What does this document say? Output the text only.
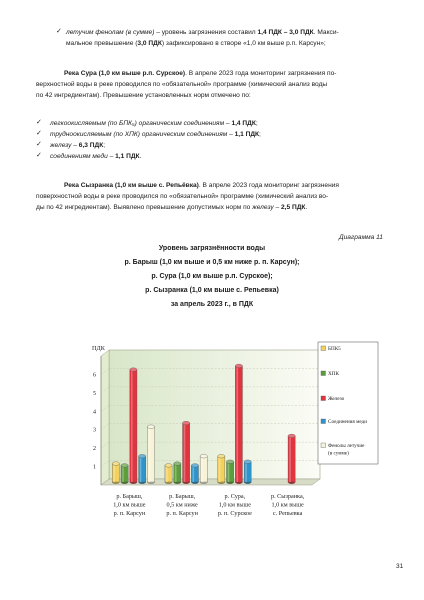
✓ летучим фенолам (в сумме) – уровень загрязнения составил 1,4 ПДК – 3,0 ПДК. Макси-
мальное превышение (3,0 ПДК) зафиксировано в створе «1,0 км выше р.п. Карсун»;
Река Сура (1,0 км выше р.п. Сурское). В апреле 2023 года мониторинг загрязнения по-
верхностной воды в реке проводился по «обязательной» программе (химический анализ воды
по 42 ингредиентам). Превышение установленных норм отмечено по:
✓ легкоокисляемым (по БПК₅) органическим соединениям – 1,4 ПДК;
✓ трудноокисляемым (по ХПК) органическим соединениям – 1,1 ПДК;
✓ железу – 6,3 ПДК;
✓ соединениям меди – 1,1 ПДК.
Река Сызранка (1,0 км выше с. Репьёвка). В апреле 2023 года мониторинг загрязнения
поверхностной воды в реке проводилcя по «обязательной» программе (химический анализ во-
ды по 42 ингредиентам). Выявлено превышение допустимых норм по железу – 2,5 ПДК.
Диаграмма 11
Уровень загрязнённости воды
р. Барыш (1,0 км выше и 0,5 км ниже р. п. Карсун);
р. Сура (1,0 км выше р.п. Сурское);
р. Сызранка (1,0 км выше с. Репьевка)
за апрель 2023 г., в ПДК
1
2
3
4
5
6
ПДК
р. Барыш,
1,0 км выше
р. п. Карсун
р. Барыш,
0,5 км ниже
р. п. Карсун
р. Сура,
1,0 км выше
р. п. Сурское
р. Сызранка,
1,0 км выше
с. Репьевка
БПК5
ХПК
Железо
Соединения меди
Фенолы летучие
(в сумме)
31
